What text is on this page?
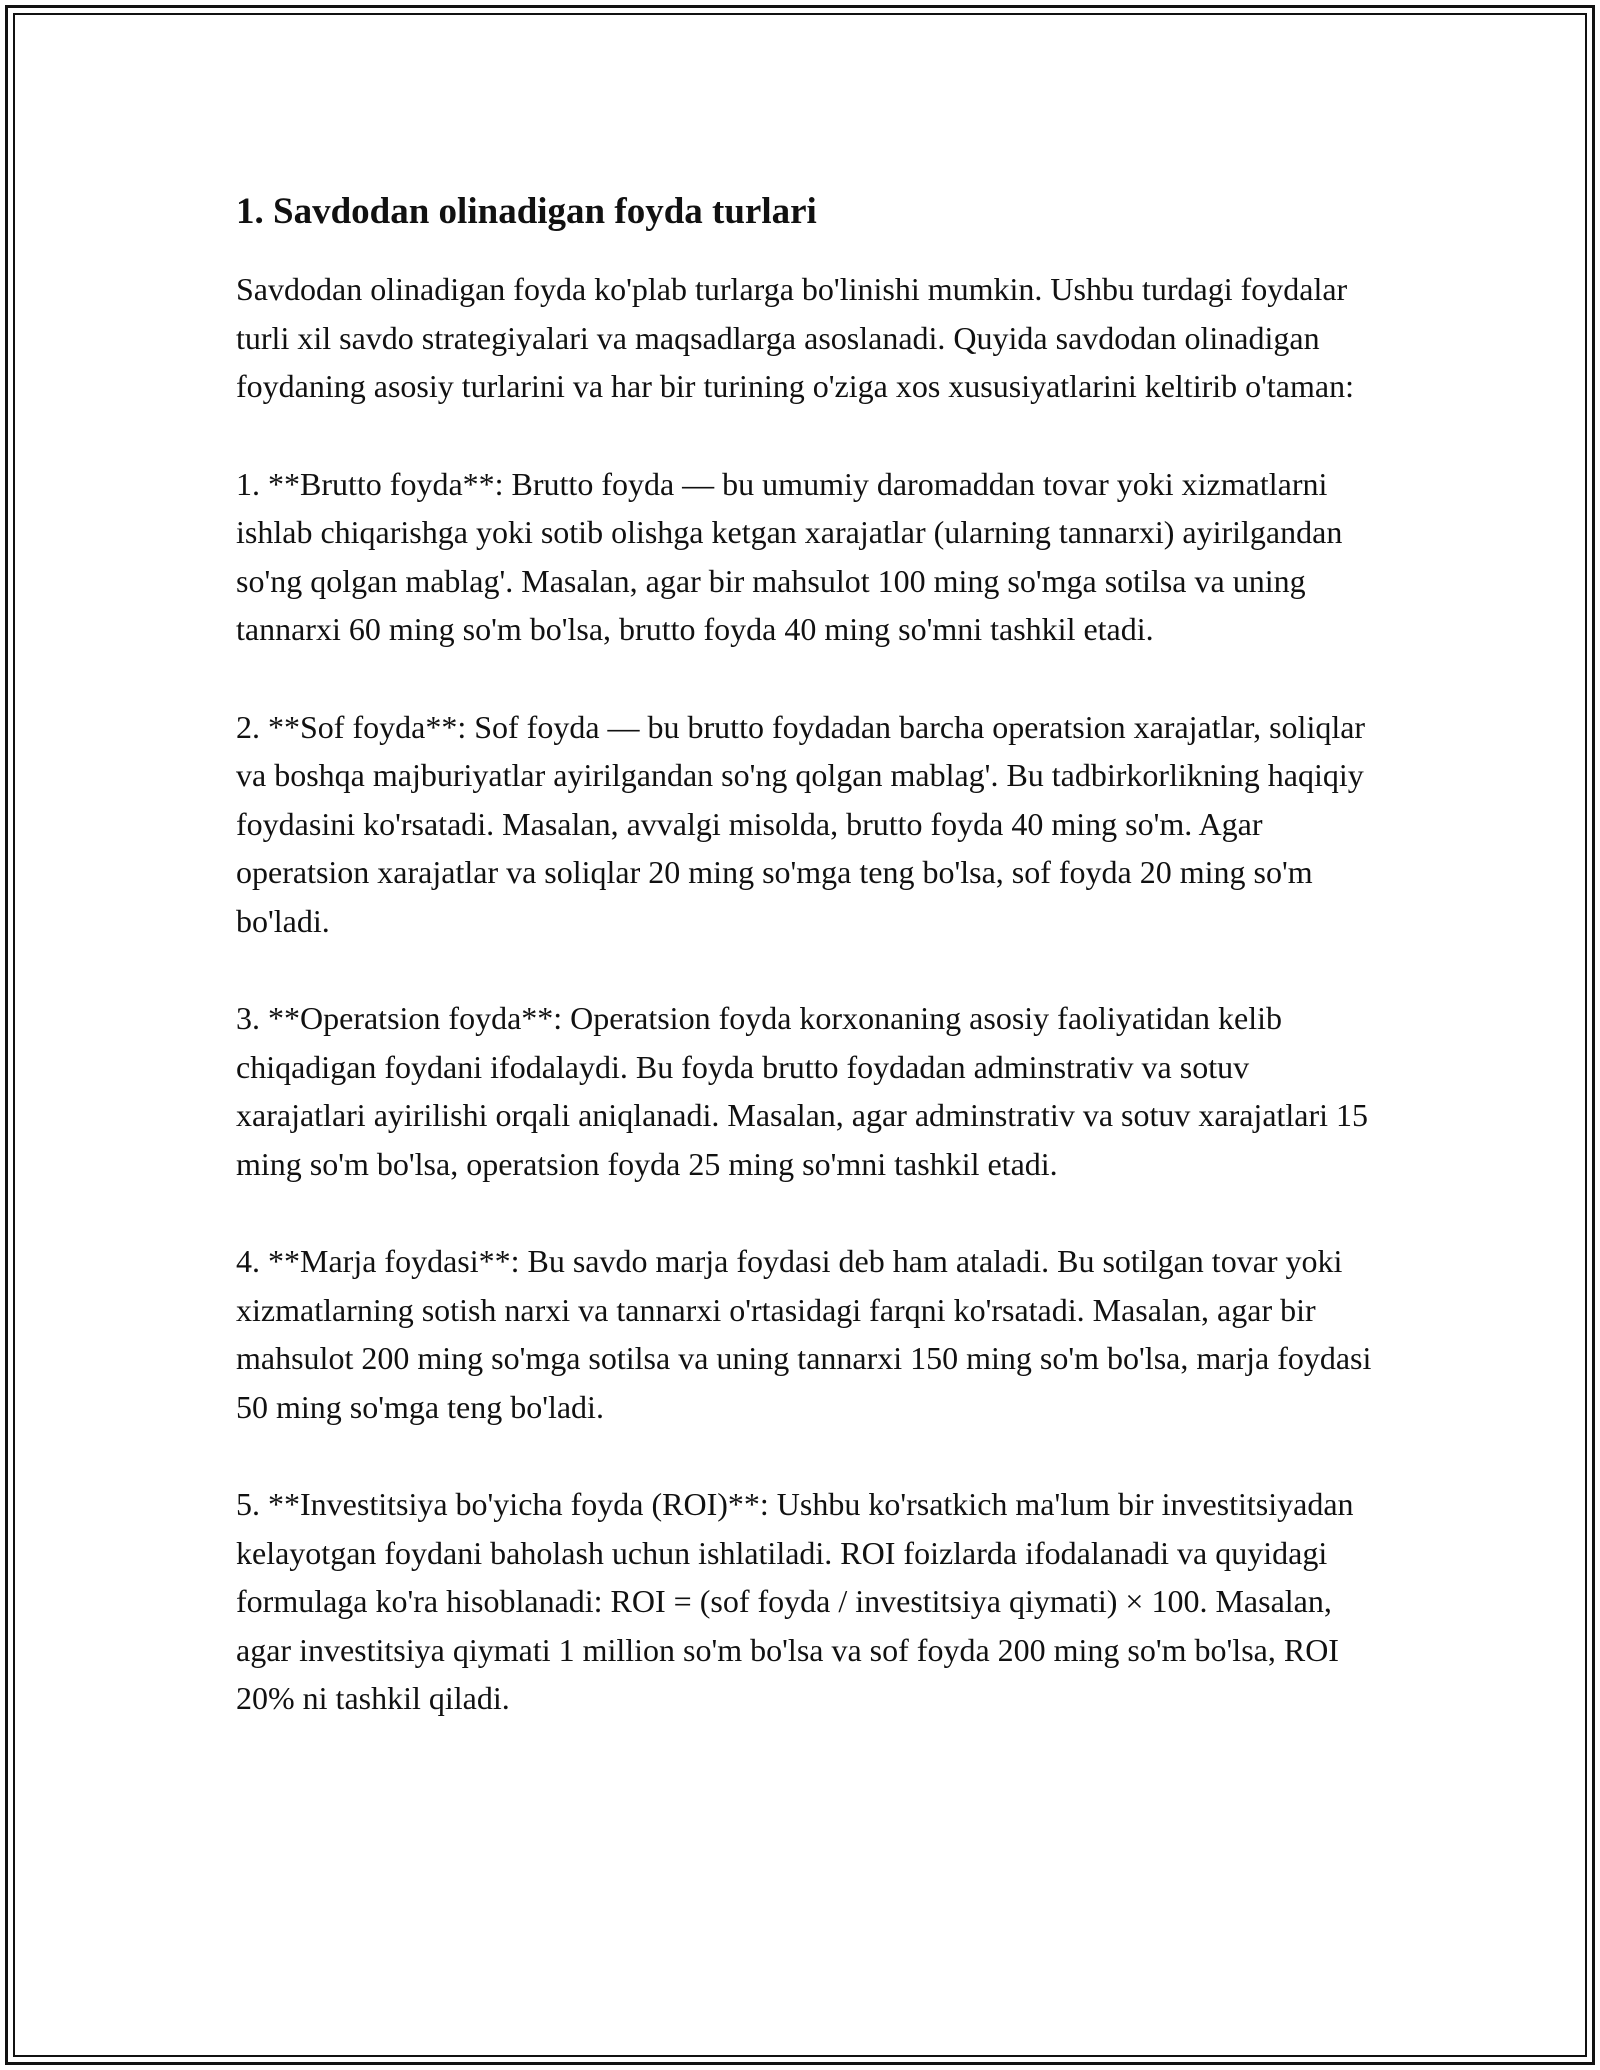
1. Savdodan olinadigan foyda turlari

Savdodan olinadigan foyda ko'plab turlarga bo'linishi mumkin. Ushbu turdagi foydalar turli xil savdo strategiyalari va maqsadlarga asoslanadi. Quyida savdodan olinadigan foydaning asosiy turlarini va har bir turining o'ziga xos xususiyatlarini keltirib o'taman:

1. **Brutto foyda**: Brutto foyda — bu umumiy daromaddan tovar yoki xizmatlarni ishlab chiqarishga yoki sotib olishga ketgan xarajatlar (ularning tannarxi) ayirilgandan so'ng qolgan mablag'. Masalan, agar bir mahsulot 100 ming so'mga sotilsa va uning tannarxi 60 ming so'm bo'lsa, brutto foyda 40 ming so'mni tashkil etadi.

2. **Sof foyda**: Sof foyda — bu brutto foydadan barcha operatsion xarajatlar, soliqlar va boshqa majburiyatlar ayirilgandan so'ng qolgan mablag'. Bu tadbirkorlikning haqiqiy foydasini ko'rsatadi. Masalan, avvalgi misolda, brutto foyda 40 ming so'm. Agar operatsion xarajatlar va soliqlar 20 ming so'mga teng bo'lsa, sof foyda 20 ming so'm bo'ladi.

3. **Operatsion foyda**: Operatsion foyda korxonaning asosiy faoliyatidan kelib chiqadigan foydani ifodalaydi. Bu foyda brutto foydadan adminstrativ va sotuv xarajatlari ayirilishi orqali aniqlanadi. Masalan, agar adminstrativ va sotuv xarajatlari 15 ming so'm bo'lsa, operatsion foyda 25 ming so'mni tashkil etadi.

4. **Marja foydasi**: Bu savdo marja foydasi deb ham ataladi. Bu sotilgan tovar yoki xizmatlarning sotish narxi va tannarxi o'rtasidagi farqni ko'rsatadi. Masalan, agar bir mahsulot 200 ming so'mga sotilsa va uning tannarxi 150 ming so'm bo'lsa, marja foydasi 50 ming so'mga teng bo'ladi.

5. **Investitsiya bo'yicha foyda (ROI)**: Ushbu ko'rsatkich ma'lum bir investitsiyadan kelayotgan foydani baholash uchun ishlatiladi. ROI foizlarda ifodalanadi va quyidagi formulaga ko'ra hisoblanadi: ROI = (sof foyda / investitsiya qiymati) × 100. Masalan, agar investitsiya qiymati 1 million so'm bo'lsa va sof foyda 200 ming so'm bo'lsa, ROI 20% ni tashkil qiladi.
